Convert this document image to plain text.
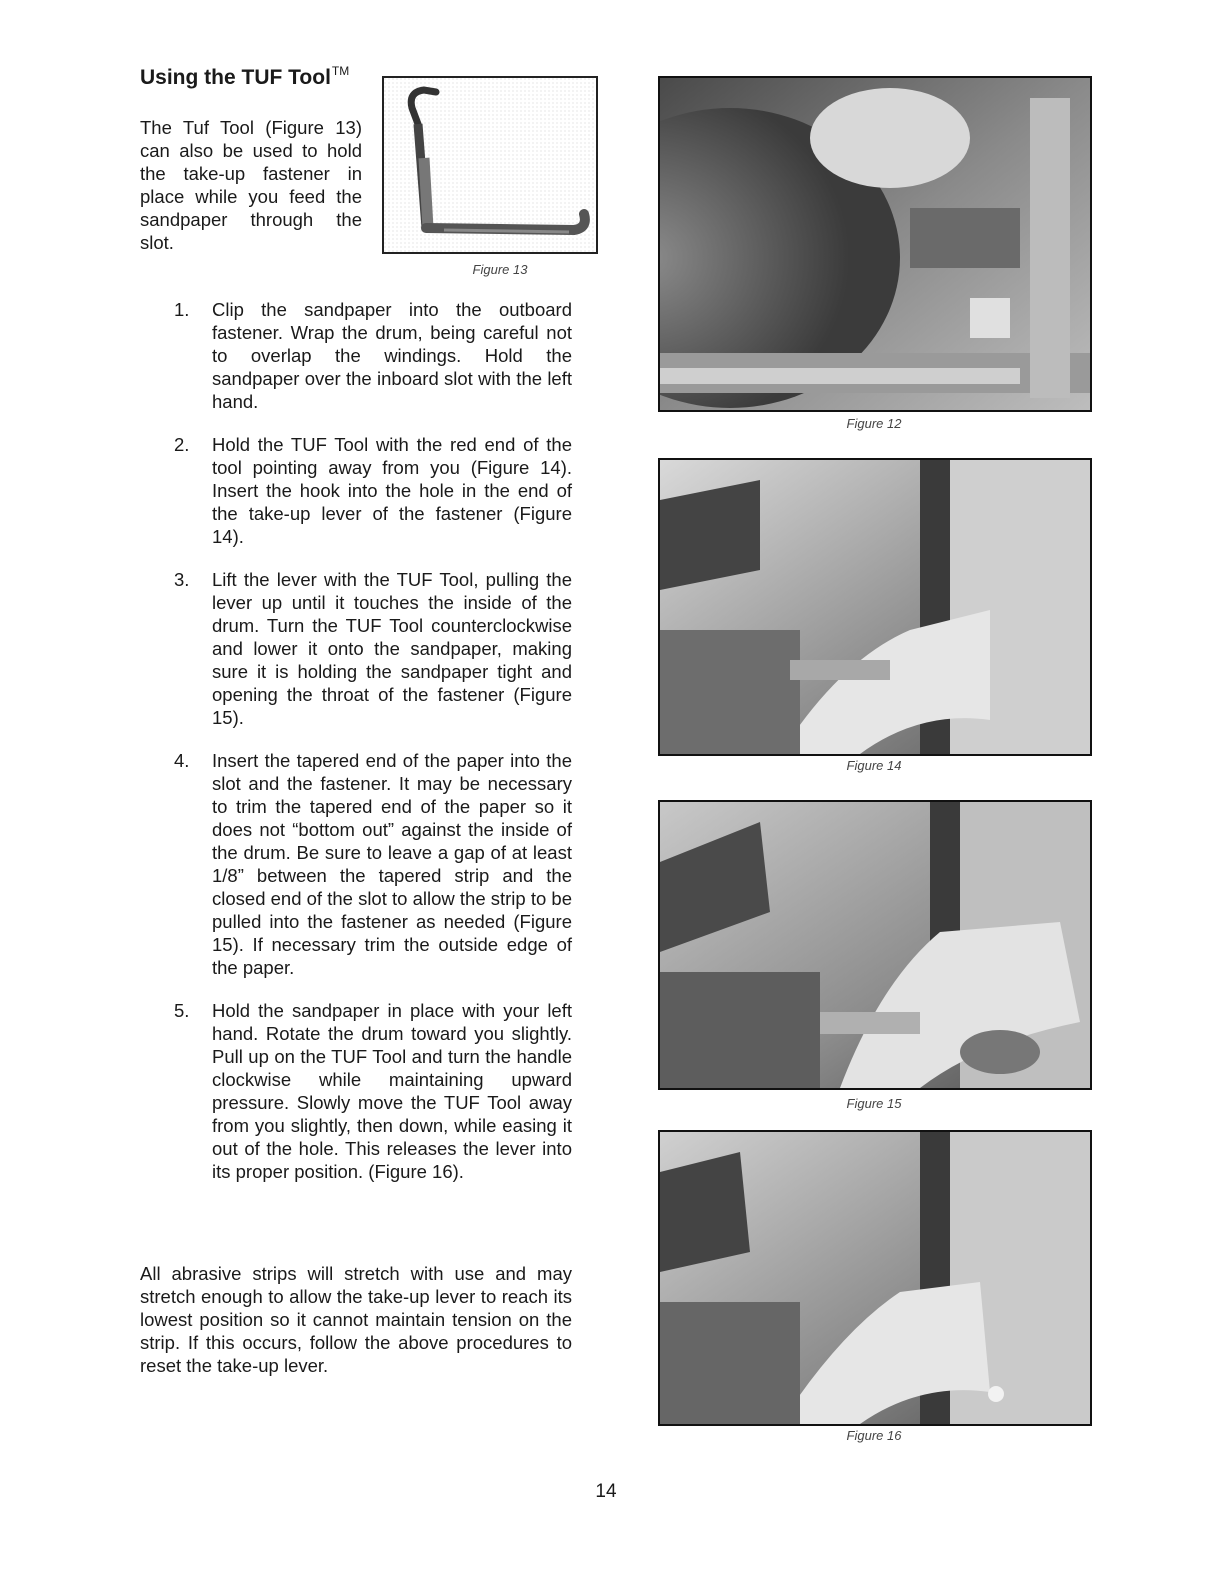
Using the TUF Tool™
The Tuf Tool (Figure 13) can also be used to hold the take-up fastener in place while you feed the sandpaper through the slot.
Figure 13
1. Clip the sandpaper into the outboard fastener. Wrap the drum, being careful not to overlap the windings. Hold the sandpaper over the inboard slot with the left hand.
2. Hold the TUF Tool with the red end of the tool pointing away from you (Figure 14). Insert the hook into the hole in the end of the take-up lever of the fastener (Figure 14).
3. Lift the lever with the TUF Tool, pulling the lever up until it touches the inside of the drum. Turn the TUF Tool counterclockwise and lower it onto the sandpaper, making sure it is holding the sandpaper tight and opening the throat of the fastener (Figure 15).
4. Insert the tapered end of the paper into the slot and the fastener. It may be necessary to trim the tapered end of the paper so it does not “bottom out” against the inside of the drum. Be sure to leave a gap of at least 1/8” between the tapered strip and the closed end of the slot to allow the strip to be pulled into the fastener as needed (Figure 15). If necessary trim the outside edge of the paper.
5. Hold the sandpaper in place with your left hand. Rotate the drum toward you slightly. Pull up on the TUF Tool and turn the handle clockwise while maintaining upward pressure. Slowly move the TUF Tool away from you slightly, then down, while easing it out of the hole. This releases the lever into its proper position. (Figure 16).
All abrasive strips will stretch with use and may stretch enough to allow the take-up lever to reach its lowest position so it cannot maintain tension on the strip. If this occurs, follow the above procedures to reset the take-up lever.
Figure 12
Figure 14
Figure 15
Figure 16
14
